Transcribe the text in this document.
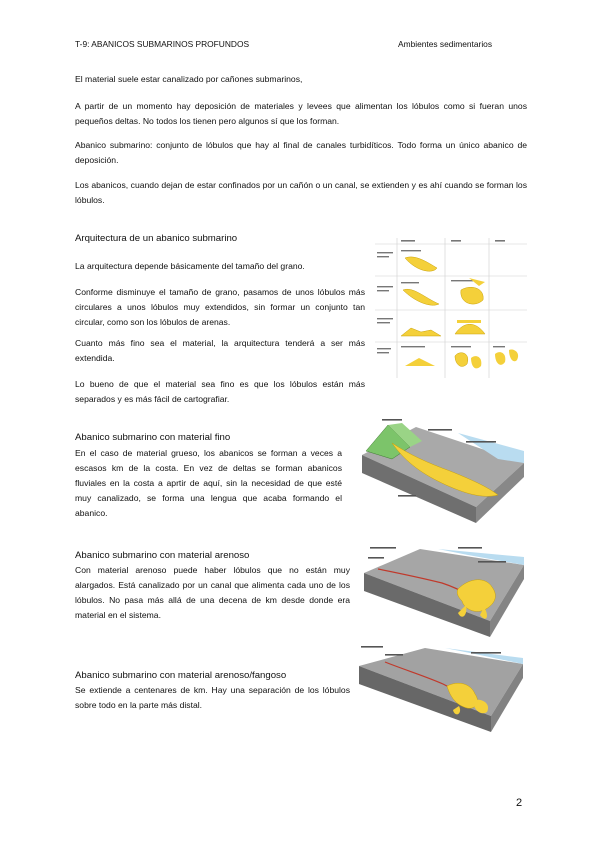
T-9: ABANICOS SUBMARINOS PROFUNDOS	Ambientes sedimentarios

El material suele estar canalizado por cañones submarinos,

A partir de un momento hay deposición de materiales y levees que alimentan los lóbulos como si fueran unos pequeños deltas. No todos los tienen pero algunos sí que los forman.

Abanico submarino: conjunto de lóbulos que hay al final de canales turbidíticos. Todo forma un único abanico de deposición.

Los abanicos, cuando dejan de estar confinados por un cañón o un canal, se extienden y es ahí cuando se forman los lóbulos.

Arquitectura de un abanico submarino

La arquitectura depende básicamente del tamaño del grano.

Conforme disminuye el tamaño de grano, pasamos de unos lóbulos más circulares a unos lóbulos muy extendidos, sin formar un conjunto tan circular, como son los lóbulos de arenas.

Cuanto más fino sea el material, la arquitectura tenderá a ser más extendida.

Lo bueno de que el material sea fino es que los lóbulos están más separados y es más fácil de cartografiar.

Abanico submarino con material fino

En el caso de material grueso, los abanicos se forman a veces a escasos km de la costa. En vez de deltas se forman abanicos fluviales en la costa a aprtir de aquí, sin la necesidad de que esté muy canalizado, se forma una lengua que acaba formando el abanico.

Abanico submarino con material arenoso

Con material arenoso puede haber lóbulos que no están muy alargados. Está canalizado por un canal que alimenta cada uno de los lóbulos. No pasa más allá de una decena de km desde donde era material en el sistema.

Abanico submarino con material arenoso/fangoso

Se extiende a centenares de km. Hay una separación de los lóbulos sobre todo en la parte más distal.

2
